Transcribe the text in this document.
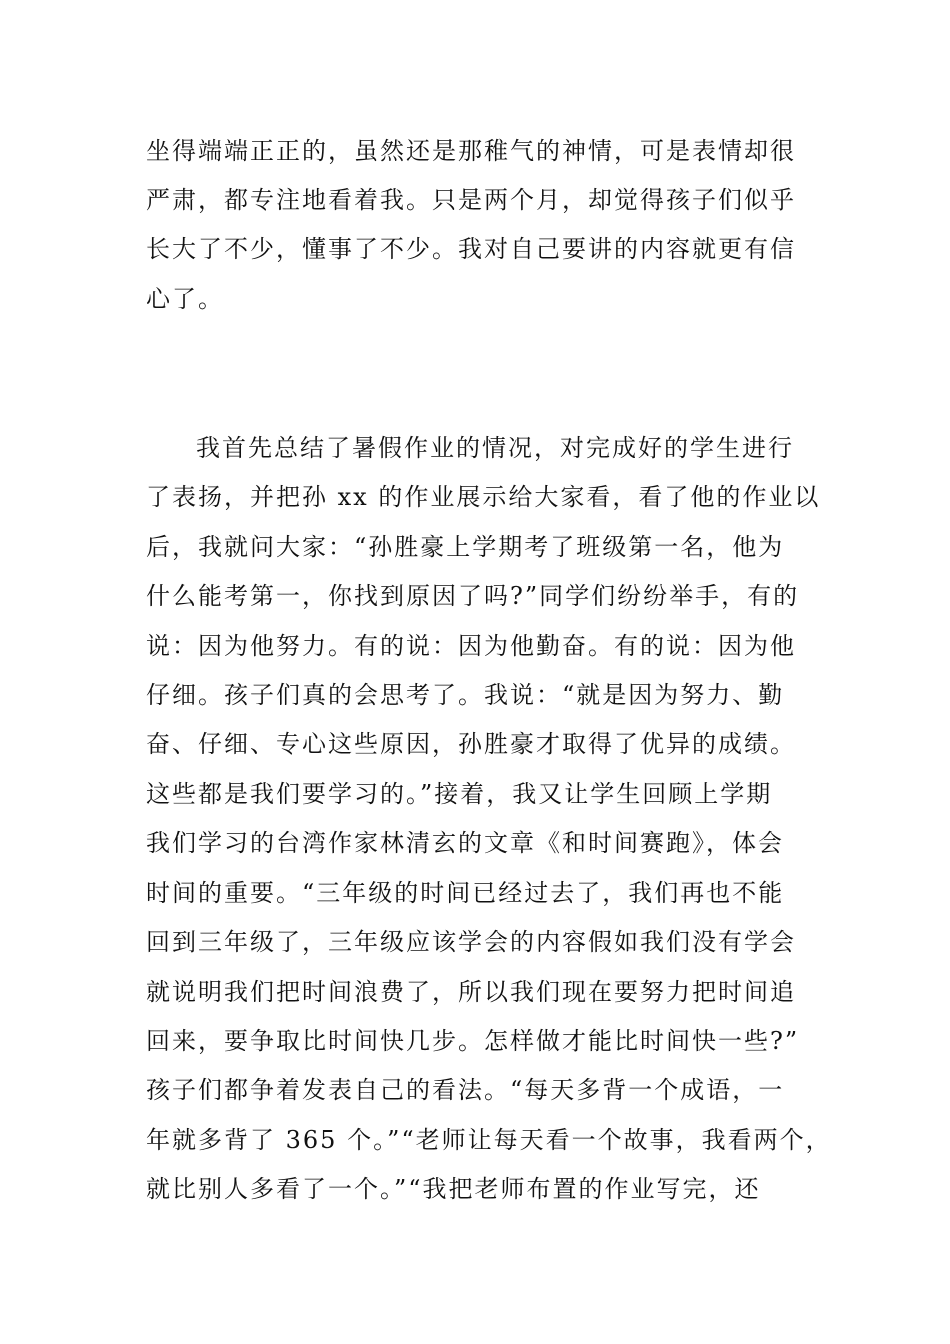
坐得端端正正的，虽然还是那稚气的神情，可是表情却很

严肃，都专注地看着我。只是两个月，却觉得孩子们似乎

长大了不少，懂事了不少。我对自己要讲的内容就更有信

心了。

我首先总结了暑假作业的情况，对完成好的学生进行

了表扬，并把孙 xx 的作业展示给大家看，看了他的作业以

后，我就问大家：“孙胜豪上学期考了班级第一名，他为

什么能考第一，你找到原因了吗?”同学们纷纷举手，有的

说：因为他努力。有的说：因为他勤奋。有的说：因为他

仔细。孩子们真的会思考了。我说：“就是因为努力、勤

奋、仔细、专心这些原因，孙胜豪才取得了优异的成绩。

这些都是我们要学习的。”接着，我又让学生回顾上学期

我们学习的台湾作家林清玄的文章《和时间赛跑》，体会

时间的重要。“三年级的时间已经过去了，我们再也不能

回到三年级了，三年级应该学会的内容假如我们没有学会

就说明我们把时间浪费了，所以我们现在要努力把时间追

回来，要争取比时间快几步。怎样做才能比时间快一些?”

孩子们都争着发表自己的看法。“每天多背一个成语，一

年就多背了 365 个。”“老师让每天看一个故事，我看两个，

就比别人多看了一个。”“我把老师布置的作业写完，还
